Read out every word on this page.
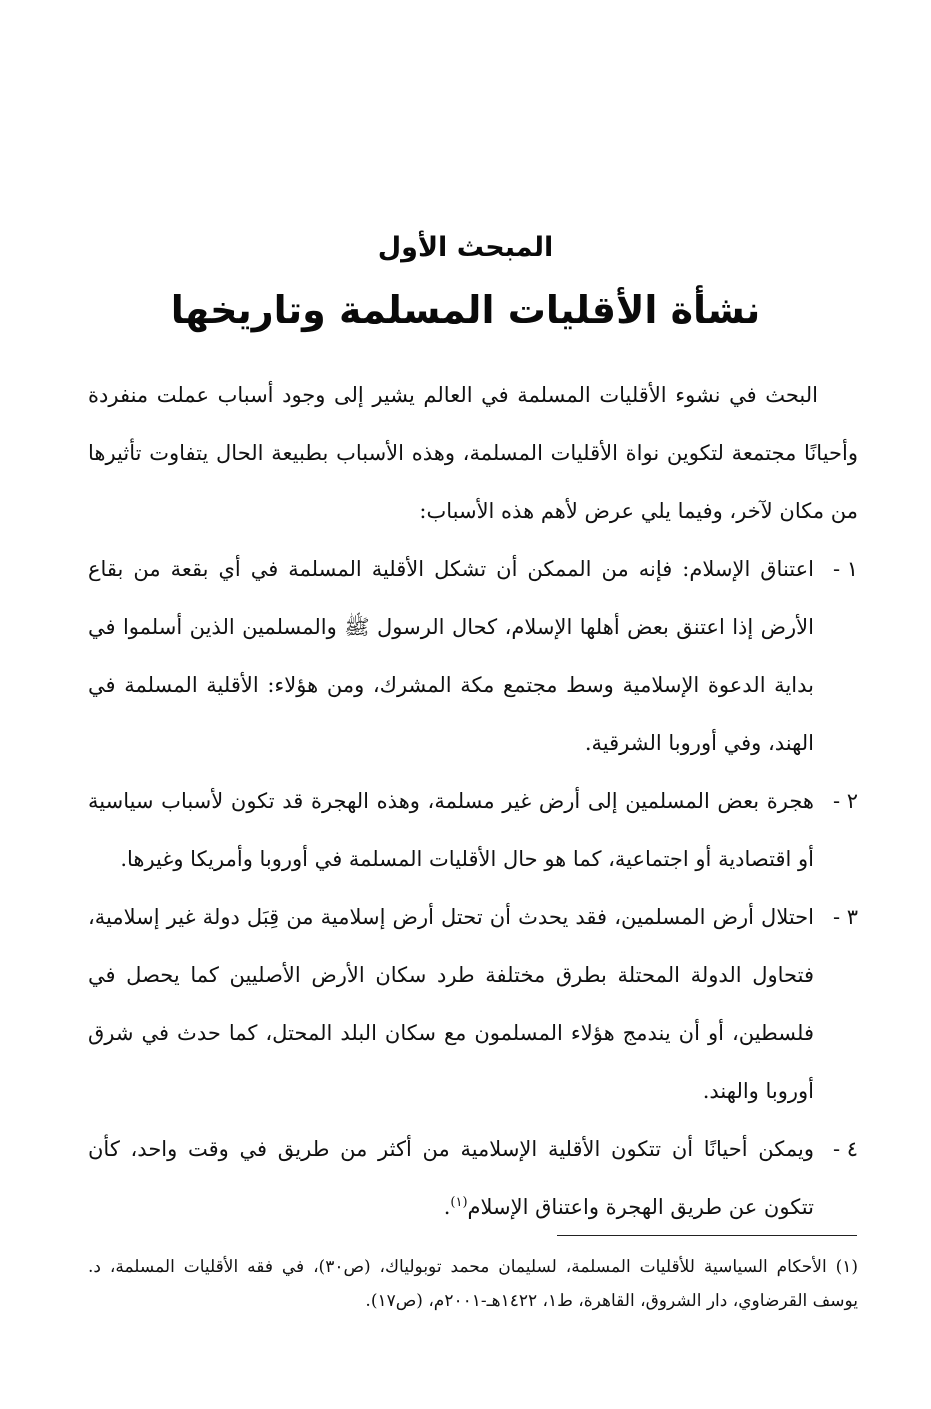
المبحث الأول
نشأة الأقليات المسلمة وتاريخها

البحث في نشوء الأقليات المسلمة في العالم يشير إلى وجود أسباب عملت منفردة وأحيانًا مجتمعة لتكوين نواة الأقليات المسلمة، وهذه الأسباب بطبيعة الحال يتفاوت تأثيرها من مكان لآخر، وفيما يلي عرض لأهم هذه الأسباب:

١ -
اعتناق الإسلام: فإنه من الممكن أن تشكل الأقلية المسلمة في أي بقعة من بقاع الأرض إذا اعتنق بعض أهلها الإسلام، كحال الرسول ﷺ والمسلمين الذين أسلموا في بداية الدعوة الإسلامية وسط مجتمع مكة المشرك، ومن هؤلاء: الأقلية المسلمة في الهند، وفي أوروبا الشرقية.
٢ -
هجرة بعض المسلمين إلى أرض غير مسلمة، وهذه الهجرة قد تكون لأسباب سياسية أو اقتصادية أو اجتماعية، كما هو حال الأقليات المسلمة في أوروبا وأمريكا وغيرها.
٣ -
احتلال أرض المسلمين، فقد يحدث أن تحتل أرض إسلامية من قِبَل دولة غير إسلامية، فتحاول الدولة المحتلة بطرق مختلفة طرد سكان الأرض الأصليين كما يحصل في فلسطين، أو أن يندمج هؤلاء المسلمون مع سكان البلد المحتل، كما حدث في شرق أوروبا والهند.
٤ -
ويمكن أحيانًا أن تتكون الأقلية الإسلامية من أكثر من طريق في وقت واحد، كأن تتكون عن طريق الهجرة واعتناق الإسلام$^{(١)}$.
(١) الأحكام السياسية للأقليات المسلمة، لسليمان محمد توبولياك، (ص٣٠)، في فقه الأقليات المسلمة، د. يوسف القرضاوي، دار الشروق، القاهرة، ط١، ١٤٢٢هـ-٢٠٠١م، (ص١٧).
